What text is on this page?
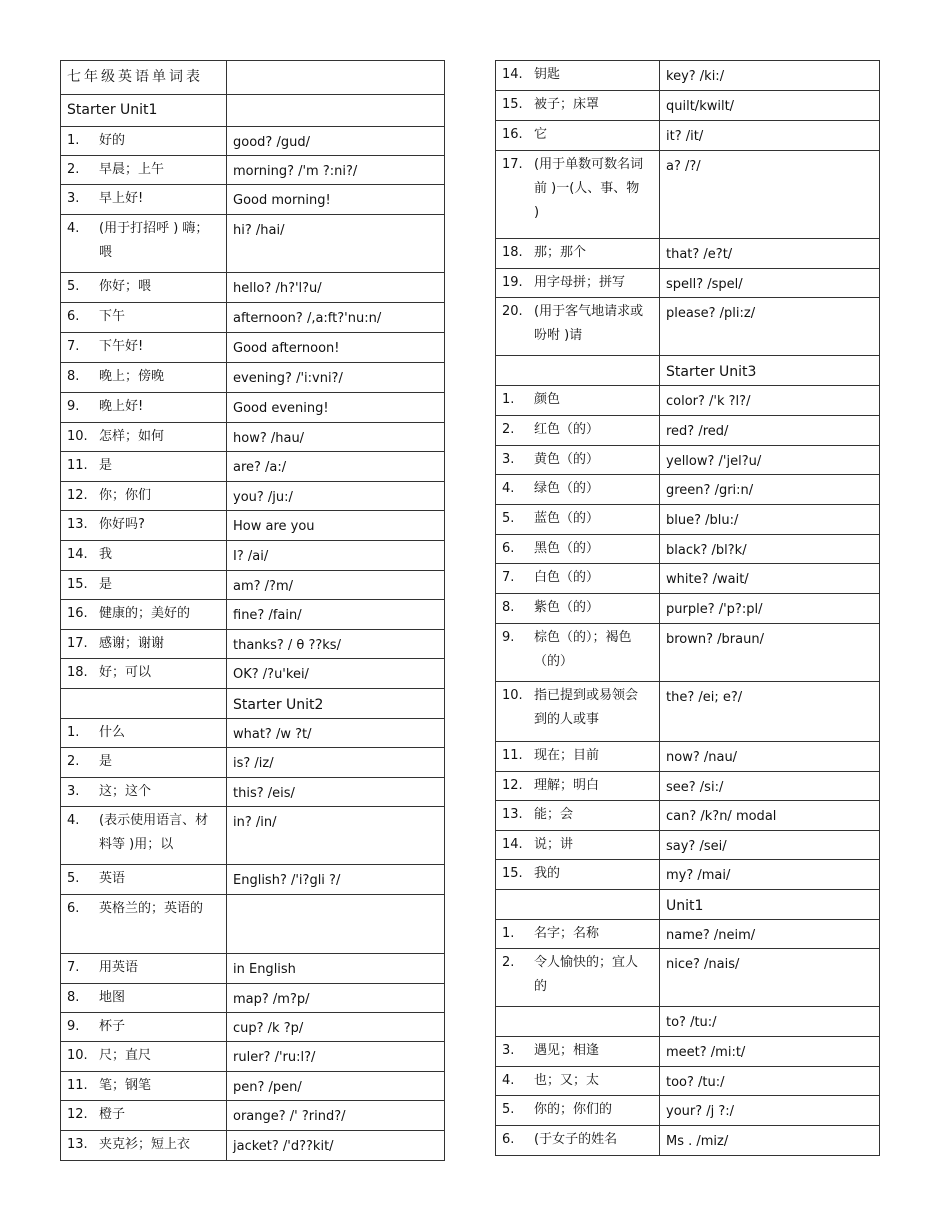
七年级英语单词表	
Starter Unit1	
1. 好的	good? /gud/
2. 早晨；上午	morning? /'m ?:ni?/
3. 早上好!	Good morning!
4. (用于打招呼 ) 嗨；喂	hi? /hai/
5. 你好；喂	hello? /h?'l?u/
6. 下午	afternoon? /,a:ft?'nu:n/
7. 下午好!	Good afternoon!
8. 晚上；傍晚	evening? /'i:vni?/
9. 晚上好!	Good evening!
10. 怎样；如何	how? /hau/
11. 是	are? /a:/
12. 你；你们	you? /ju:/
13. 你好吗?	How are you
14. 我	I? /ai/
15. 是	am? /?m/
16. 健康的；美好的	fine? /fain/
17. 感谢；谢谢	thanks? / θ ??ks/
18. 好；可以	OK? /?u'kei/
	Starter Unit2
1. 什么	what? /w ?t/
2. 是	is? /iz/
3. 这；这个	this? /eis/
4. (表示使用语言、材料等 )用；以	in? /in/
5. 英语	English? /'i?gli ?/
6. 英格兰的；英语的	
7. 用英语	in English
8. 地图	map? /m?p/
9. 杯子	cup? /k ?p/
10. 尺；直尺	ruler? /'ru:l?/
11. 笔；钢笔	pen? /pen/
12. 橙子	orange? /' ?rind?/
13. 夹克衫；短上衣	jacket? /'d??kit/
14. 钥匙	key? /ki:/
15. 被子；床罩	quilt/kwilt/
16. 它	it? /it/
17. (用于单数可数名词前 )一(人、事、物 )	a? /?/
18. 那；那个	that? /e?t/
19. 用字母拼；拼写	spell? /spel/
20. (用于客气地请求或吩咐 )请	please? /pli:z/
	Starter Unit3
1. 颜色	color? /'k ?l?/
2. 红色（的）	red? /red/
3. 黄色（的）	yellow? /'jel?u/
4. 绿色（的）	green? /gri:n/
5. 蓝色（的）	blue? /blu:/
6. 黑色（的）	black? /bl?k/
7. 白色（的）	white? /wait/
8. 紫色（的）	purple? /'p?:pl/
9. 棕色（的）；褐色（的）	brown? /braun/
10. 指已提到或易领会到的人或事	the? /ei; e?/
11. 现在；目前	now? /nau/
12. 理解；明白	see? /si:/
13. 能；会	can? /k?n/ modal
14. 说；讲	say? /sei/
15. 我的	my? /mai/
	Unit1
1. 名字；名称	name? /neim/
2. 令人愉快的；宜人的	nice? /nais/
	to? /tu:/
3. 遇见；相逢	meet? /mi:t/
4. 也；又；太	too? /tu:/
5. 你的；你们的	your? /j ?:/
6. (于女子的姓名	Ms . /miz/
